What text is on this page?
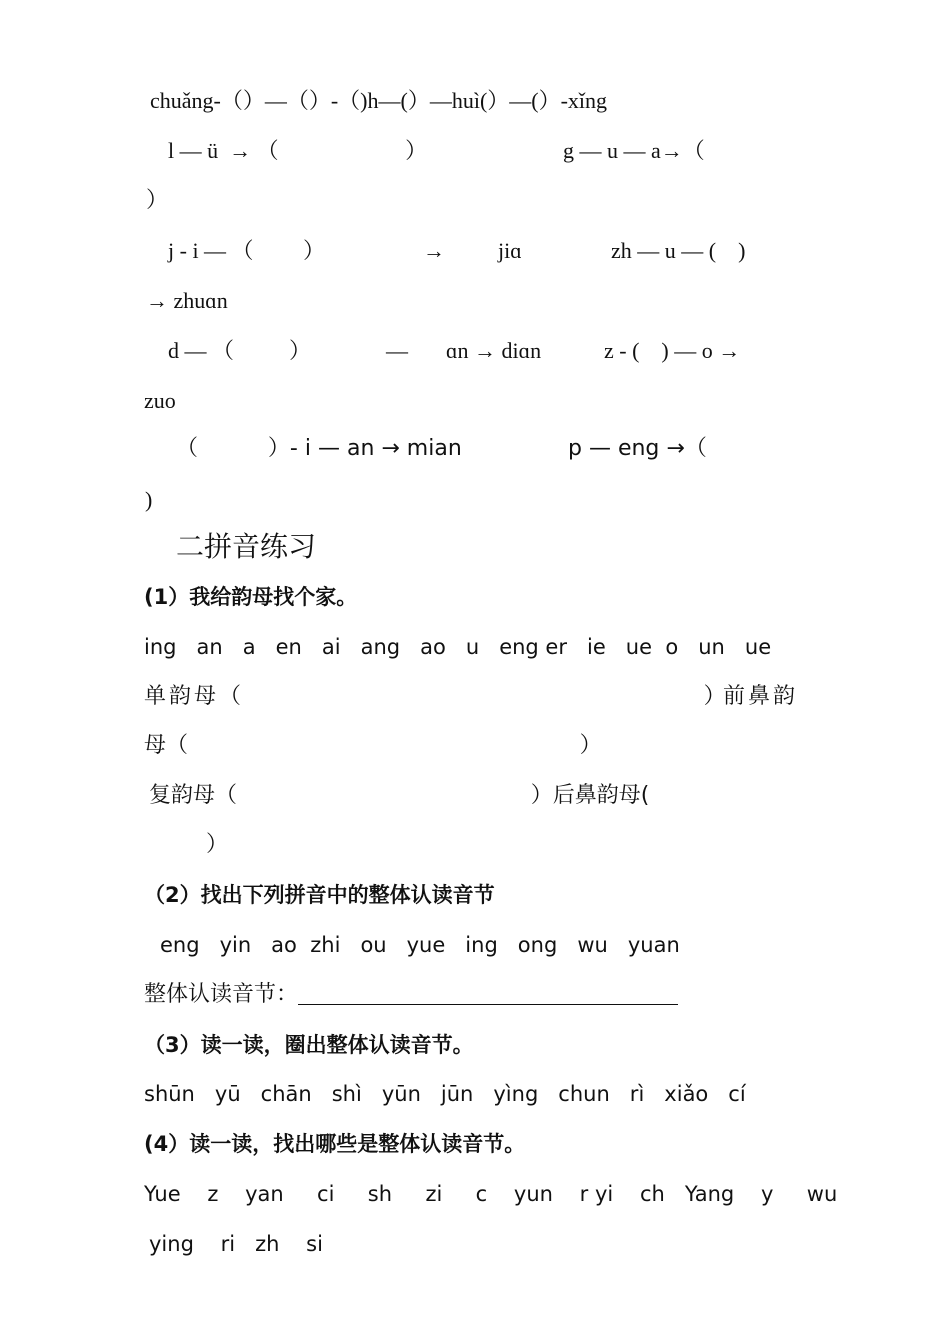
chuǎng-（）—（）-（)h—(）—huì(）—(）-xǐng
l — ü  → （                       ）	g — u — a→（
）
j - i — （         ）	→ jiɑ	zh — u — (    )
→ zhuɑn
d — （          ）	— ɑn → diɑn	z - (    ) — o →
zuo
（          ）- i — an → mian	p — eng →（
)
二拼音练习
(1）我给韵母找个家。
ing   an   a   en   ai   ang   ao   u   eng er   ie   ue  o   un   ue
单韵母（                                              ）
前鼻韵
母（                                                        ）
复韵母（                                          ）后鼻韵母(
）
（2）找出下列拼音中的整体认读音节
eng   yin   ao  zhi   ou   yue   ing   ong   wu   yuan
整体认读音节：
（3）读一读，圈出整体认读音节。
shūn   yū   chān   shì   yūn   jūn   yìng   chun   rì   xiǎo   cí
(4）读一读，找出哪些是整体认读音节。
Yue    z    yan     ci     sh     zi     c    yun    r yi    ch   Yang    y     wu
ying    ri   zh    si
